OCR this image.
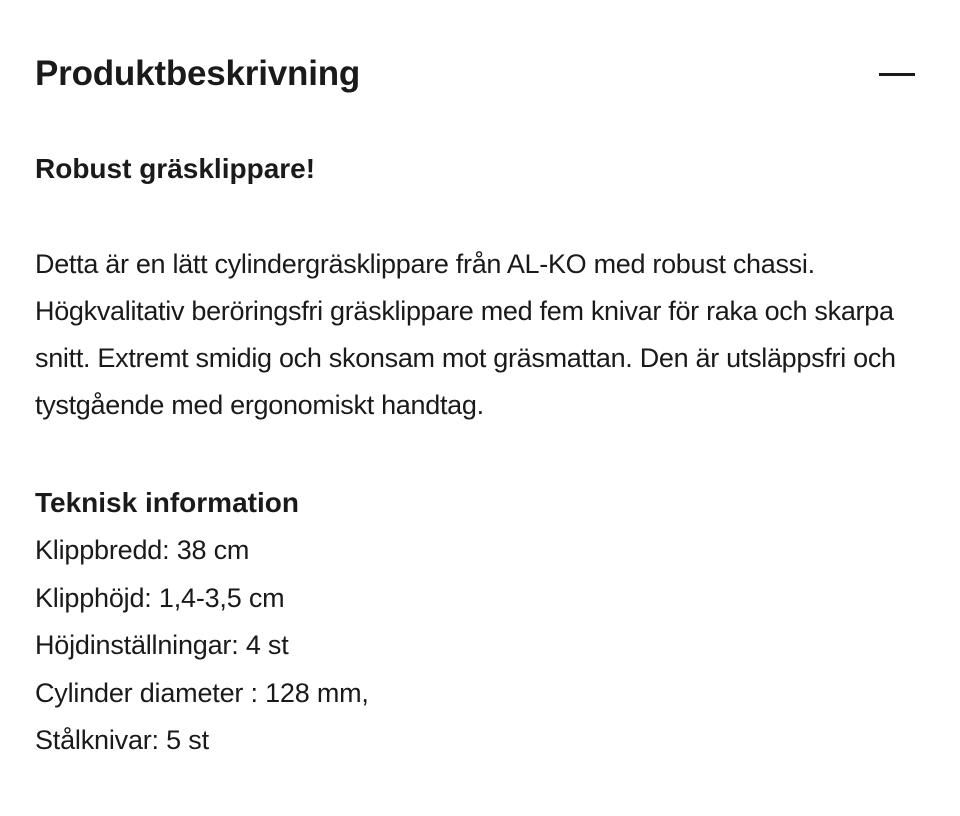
Produktbeskrivning

Robust gräsklippare!

Detta är en lätt cylindergräsklippare från AL-KO med robust chassi. Högkvalitativ beröringsfri gräsklippare med fem knivar för raka och skarpa snitt. Extremt smidig och skonsam mot gräsmattan. Den är utsläppsfri och tystgående med ergonomiskt handtag.

Teknisk information

Klippbredd: 38 cm

Klipphöjd: 1,4-3,5 cm

Höjdinställningar: 4 st

Cylinder diameter : 128 mm,

Stålknivar: 5 st
